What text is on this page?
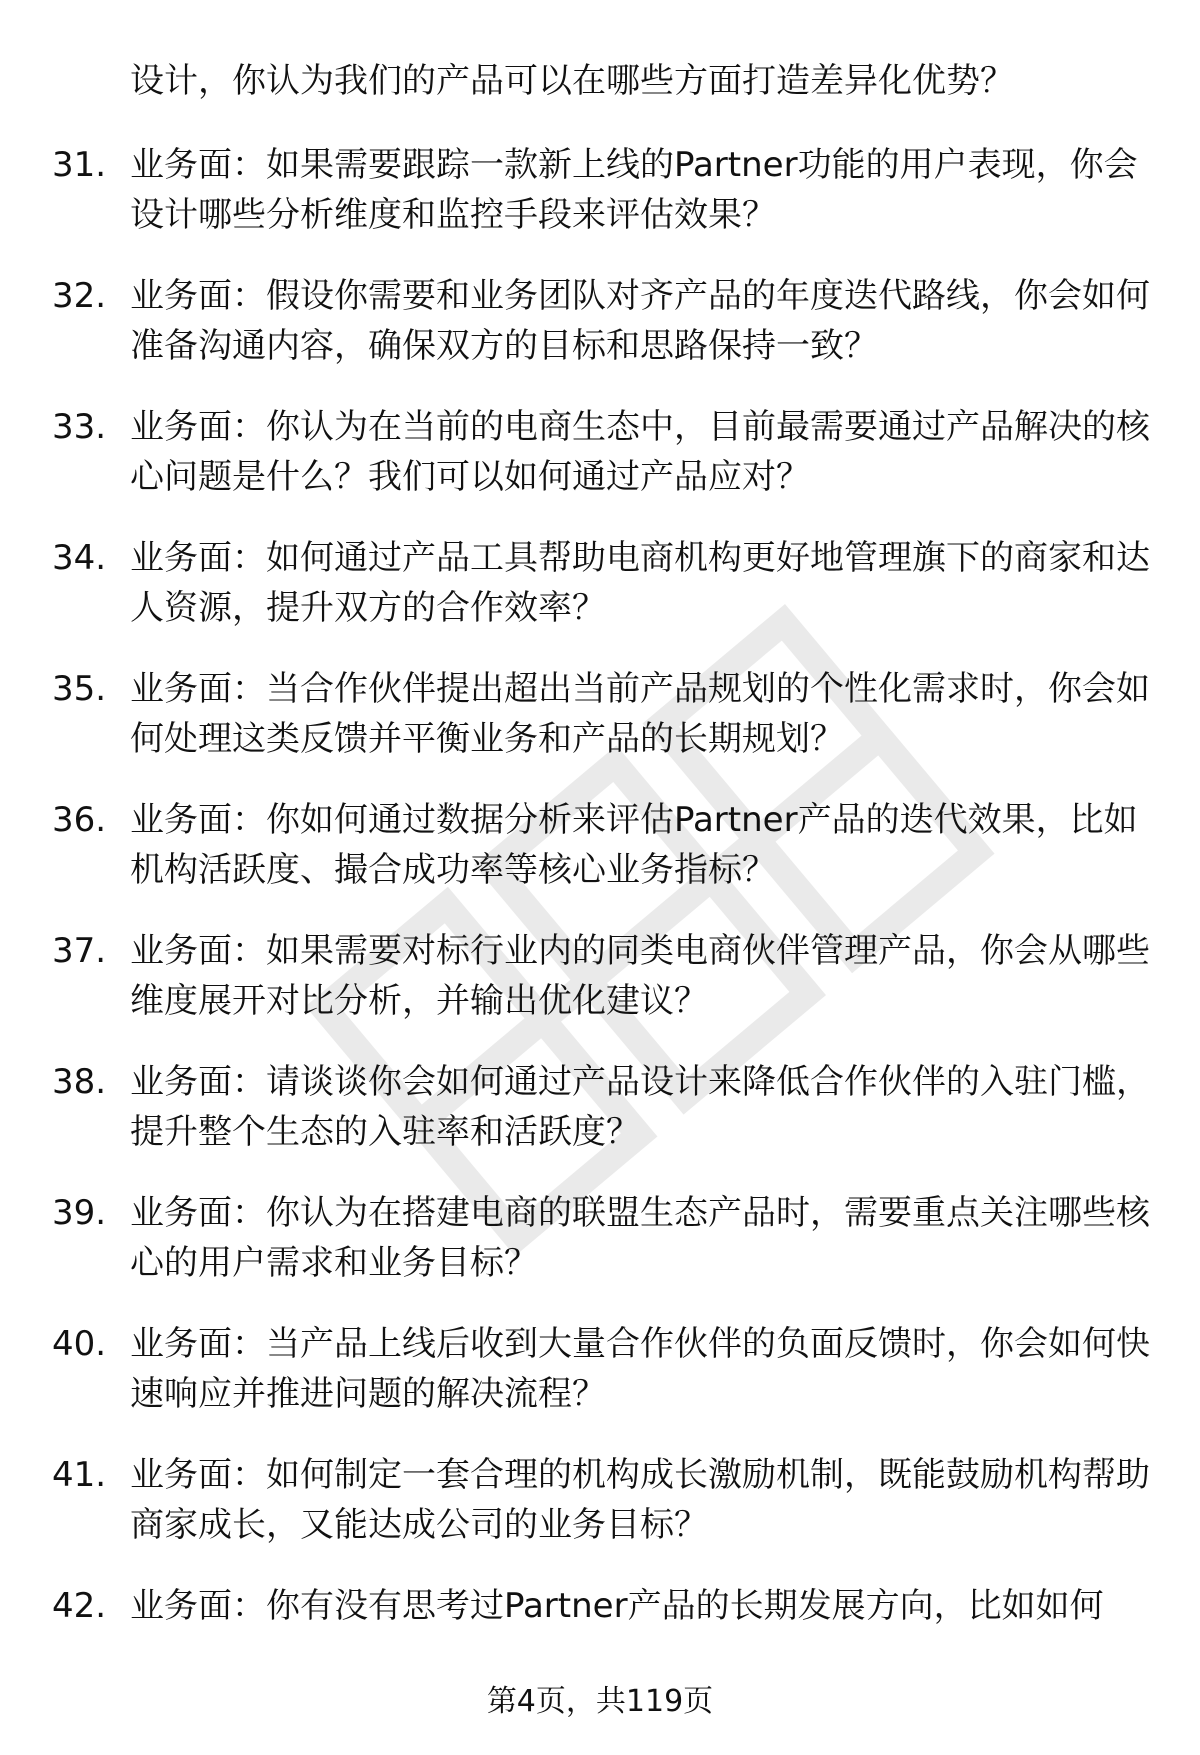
设计，你认为我们的产品可以在哪些方面打造差异化优势？

31. 业务面：如果需要跟踪一款新上线的Partner功能的用户表现，你会设计哪些分析维度和监控手段来评估效果？

32. 业务面：假设你需要和业务团队对齐产品的年度迭代路线，你会如何准备沟通内容，确保双方的目标和思路保持一致？

33. 业务面：你认为在当前的电商生态中，目前最需要通过产品解决的核心问题是什么？我们可以如何通过产品应对？

34. 业务面：如何通过产品工具帮助电商机构更好地管理旗下的商家和达人资源，提升双方的合作效率？

35. 业务面：当合作伙伴提出超出当前产品规划的个性化需求时，你会如何处理这类反馈并平衡业务和产品的长期规划？

36. 业务面：你如何通过数据分析来评估Partner产品的迭代效果，比如机构活跃度、撮合成功率等核心业务指标？

37. 业务面：如果需要对标行业内的同类电商伙伴管理产品，你会从哪些维度展开对比分析，并输出优化建议？

38. 业务面：请谈谈你会如何通过产品设计来降低合作伙伴的入驻门槛，提升整个生态的入驻率和活跃度？

39. 业务面：你认为在搭建电商的联盟生态产品时，需要重点关注哪些核心的用户需求和业务目标？

40. 业务面：当产品上线后收到大量合作伙伴的负面反馈时，你会如何快速响应并推进问题的解决流程？

41. 业务面：如何制定一套合理的机构成长激励机制，既能鼓励机构帮助商家成长，又能达成公司的业务目标？

42. 业务面：你有没有思考过Partner产品的长期发展方向，比如如何

第4页，共119页
